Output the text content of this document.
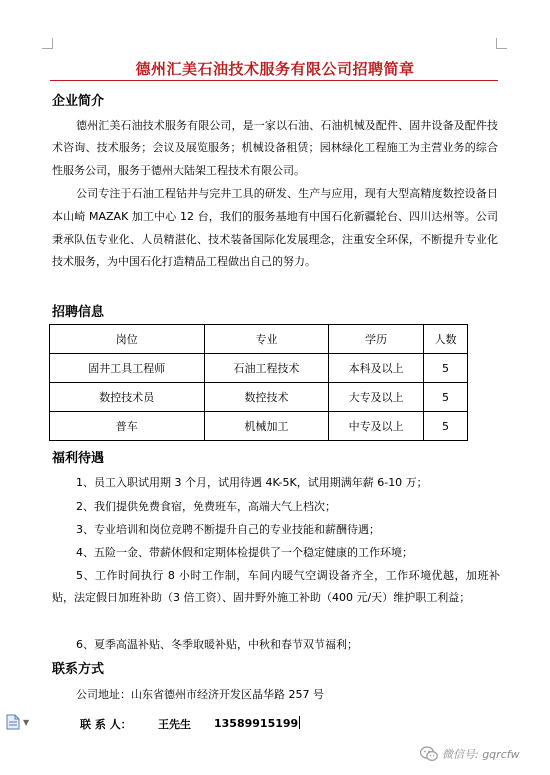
德州汇美石油技术服务有限公司招聘简章
企业简介
德州汇美石油技术服务有限公司，是一家以石油、石油机械及配件、固井设备及配件技术咨询、技术服务；会议及展览服务；机械设备租赁；园林绿化工程施工为主营业务的综合性服务公司，服务于德州大陆架工程技术有限公司。
公司专注于石油工程钻井与完井工具的研发、生产与应用，现有大型高精度数控设备日本山崎 MAZAK 加工中心 12 台，我们的服务基地有中国石化新疆轮台、四川达州等。公司秉承队伍专业化、人员精湛化、技术装备国际化发展理念，注重安全环保，不断提升专业化技术服务，为中国石化打造精品工程做出自己的努力。
招聘信息
岗位	专业	学历	人数
固井工具工程师	石油工程技术	本科及以上	5
数控技术员	数控技术	大专及以上	5
普车	机械加工	中专及以上	5
福利待遇
1、员工入职试用期 3 个月，试用待遇 4K-5K，试用期满年薪 6-10 万；
2、我们提供免费食宿，免费班车，高端大气上档次；
3、专业培训和岗位竞聘不断提升自己的专业技能和薪酬待遇；
4、五险一金、带薪休假和定期体检提供了一个稳定健康的工作环境；
5、工作时间执行 8 小时工作制，车间内暖气空调设备齐全，工作环境优越，加班补贴，法定假日加班补助（3 倍工资）、固井野外施工补助（400 元/天）维护职工利益；
6、夏季高温补贴、冬季取暖补贴，中秋和春节双节福利；
联系方式
公司地址：山东省德州市经济开发区晶华路 257 号
联 系 人： 王先生 13589915199
▼
微信号: gqrcfw
